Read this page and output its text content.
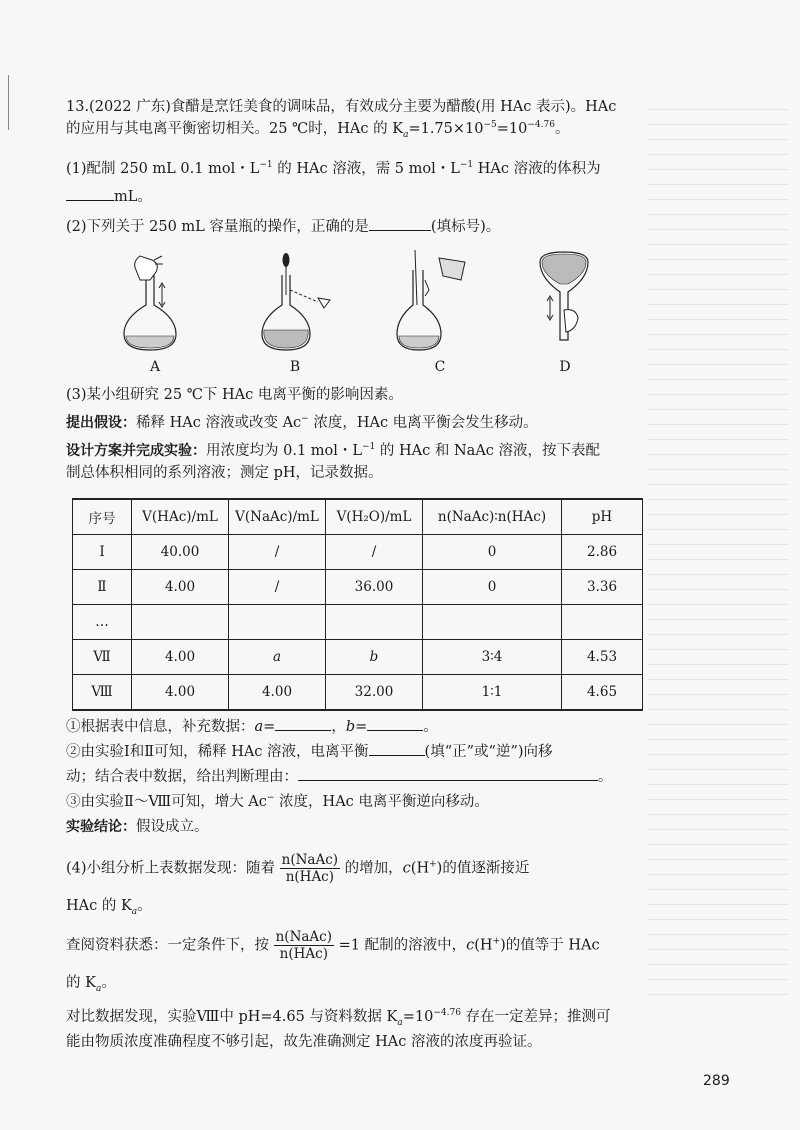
13.(2022 广东)食醋是烹饪美食的调味品，有效成分主要为醋酸(用 HAc 表示)。HAc
的应用与其电离平衡密切相关。25 ℃时，HAc 的 $K_a=1.75\times 10^{-5}=10^{-4.76}$。
(1)配制 250 mL 0.1 mol・$L^{-1}$ 的 HAc 溶液，需 5 mol・$L^{-1}$ HAc 溶液的体积为
mL。
(2)下列关于 250 mL 容量瓶的操作，正确的是	(填标号)。
A	B	C	D
(3)某小组研究 25 ℃下 HAc 电离平衡的影响因素。
提出假设：稀释 HAc 溶液或改变 Ac− 浓度，HAc 电离平衡会发生移动。
设计方案并完成实验：用浓度均为 0.1 mol・$L^{-1}$ 的 HAc 和 NaAc 溶液，按下表配
制总体积相同的系列溶液；测定 pH，记录数据。
序号	V(HAc)/mL	V(NaAc)/mL	V(H₂O)/mL	n(NaAc)∶n(HAc)	pH
Ⅰ	40.00	/	/	0	2.86
Ⅱ	4.00	/	36.00	0	3.36
…					
Ⅶ	4.00	a	b	3∶4	4.53
Ⅷ	4.00	4.00	32.00	1∶1	4.65
①根据表中信息，补充数据：a=	，b=	。
②由实验Ⅰ和Ⅱ可知，稀释 HAc 溶液，电离平衡	(填“正”或“逆”)向移
动；结合表中数据，给出判断理由：	。
③由实验Ⅱ～Ⅷ可知，增大 Ac− 浓度，HAc 电离平衡逆向移动。
实验结论：假设成立。
(4)小组分析上表数据发现：随着 $\frac{\text{n(NaAc)}}{\text{n(HAc)}}$ 的增加，c(H+)的值逐渐接近
HAc 的 $K_a$。
查阅资料获悉：一定条件下，按 $\frac{\text{n(NaAc)}}{\text{n(HAc)}} =1$ 配制的溶液中，c(H+)的值等于 HAc
的 $K_a$。
对比数据发现，实验Ⅷ中 pH=4.65 与资料数据 $K_a=10^{-4.76}$ 存在一定差异；推测可
能由物质浓度准确程度不够引起，故先准确测定 HAc 溶液的浓度再验证。
289
